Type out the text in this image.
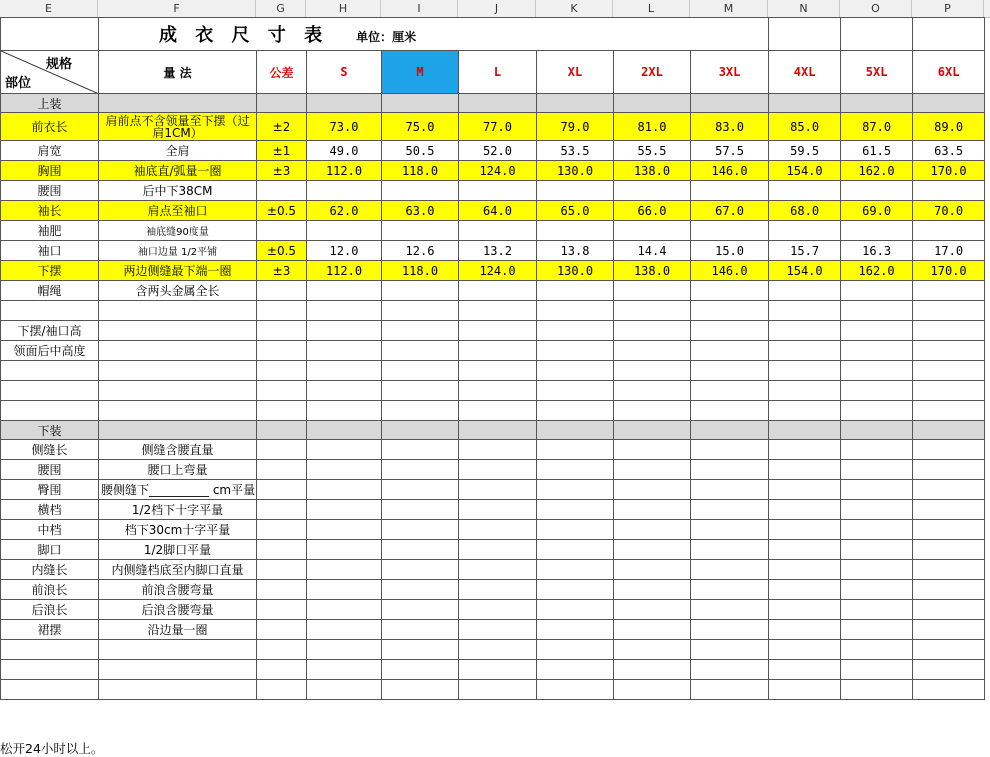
E	F	G	H	I	J	K	L	M	N	O	P
	成 衣 尺 寸 表 单位：厘米										

规格
部位	量 法	公差	S	M	L	XL	2XL	3XL	4XL	5XL	6XL
上装											
前衣长	肩前点不含领量至下摆（过肩1CM）	±2	73.0	75.0	77.0	79.0	81.0	83.0	85.0	87.0	89.0
肩宽	全肩	±1	49.0	50.5	52.0	53.5	55.5	57.5	59.5	61.5	63.5
胸围	袖底直/弧量一圈	±3	112.0	118.0	124.0	130.0	138.0	146.0	154.0	162.0	170.0
腰围	后中下38CM										
袖长	肩点至袖口	±0.5	62.0	63.0	64.0	65.0	66.0	67.0	68.0	69.0	70.0
袖肥	袖底缝90度量										
袖口	袖口边量 1/2平铺	±0.5	12.0	12.6	13.2	13.8	14.4	15.0	15.7	16.3	17.0
下摆	两边侧缝最下端一圈	±3	112.0	118.0	124.0	130.0	138.0	146.0	154.0	162.0	170.0
帽绳	含两头金属全长										

下摆/袖口高											
领面后中高度											

下装											
侧缝长	侧缝含腰直量										
腰围	腰口上弯量										
臀围	腰侧缝下__________ cm平量										
横档	1/2档下十字平量										
中档	档下30cm十字平量										
脚口	1/2脚口平量										
内缝长	内侧缝档底至内脚口直量										
前浪长	前浪含腰弯量										
后浪长	后浪含腰弯量										
裙摆	沿边量一圈										

松开24小时以上。
